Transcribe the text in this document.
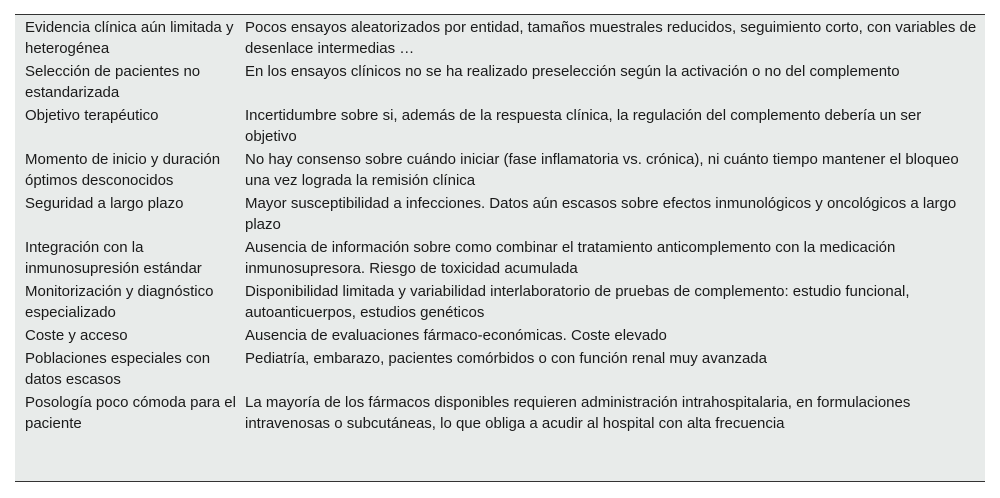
Evidencia clínica aún limitada y heterogénea	Pocos ensayos aleatorizados por entidad, tamaños muestrales reducidos, seguimiento corto, con variables de desenlace intermedias …
Selección de pacientes no estandarizada	En los ensayos clínicos no se ha realizado preselección según la activación o no del complemento
Objetivo terapéutico	Incertidumbre sobre si, además de la respuesta clínica, la regulación del complemento debería un ser objetivo
Momento de inicio y duración óptimos desconocidos	No hay consenso sobre cuándo iniciar (fase inflamatoria vs. crónica), ni cuánto tiempo mantener el bloqueo una vez lograda la remisión clínica
Seguridad a largo plazo	Mayor susceptibilidad a infecciones. Datos aún escasos sobre efectos inmunológicos y oncológicos a largo plazo
Integración con la inmunosupresión estándar	Ausencia de información sobre como combinar el tratamiento anticomplemento con la medicación inmunosupresora. Riesgo de toxicidad acumulada
Monitorización y diagnóstico especializado	Disponibilidad limitada y variabilidad interlaboratorio de pruebas de complemento: estudio funcional, autoanticuerpos, estudios genéticos
Coste y acceso	Ausencia de evaluaciones fármaco-económicas. Coste elevado
Poblaciones especiales con datos escasos	Pediatría, embarazo, pacientes comórbidos o con función renal muy avanzada
Posología poco cómoda para el paciente	La mayoría de los fármacos disponibles requieren administración intrahospitalaria, en formulaciones intravenosas o subcutáneas, lo que obliga a acudir al hospital con alta frecuencia
